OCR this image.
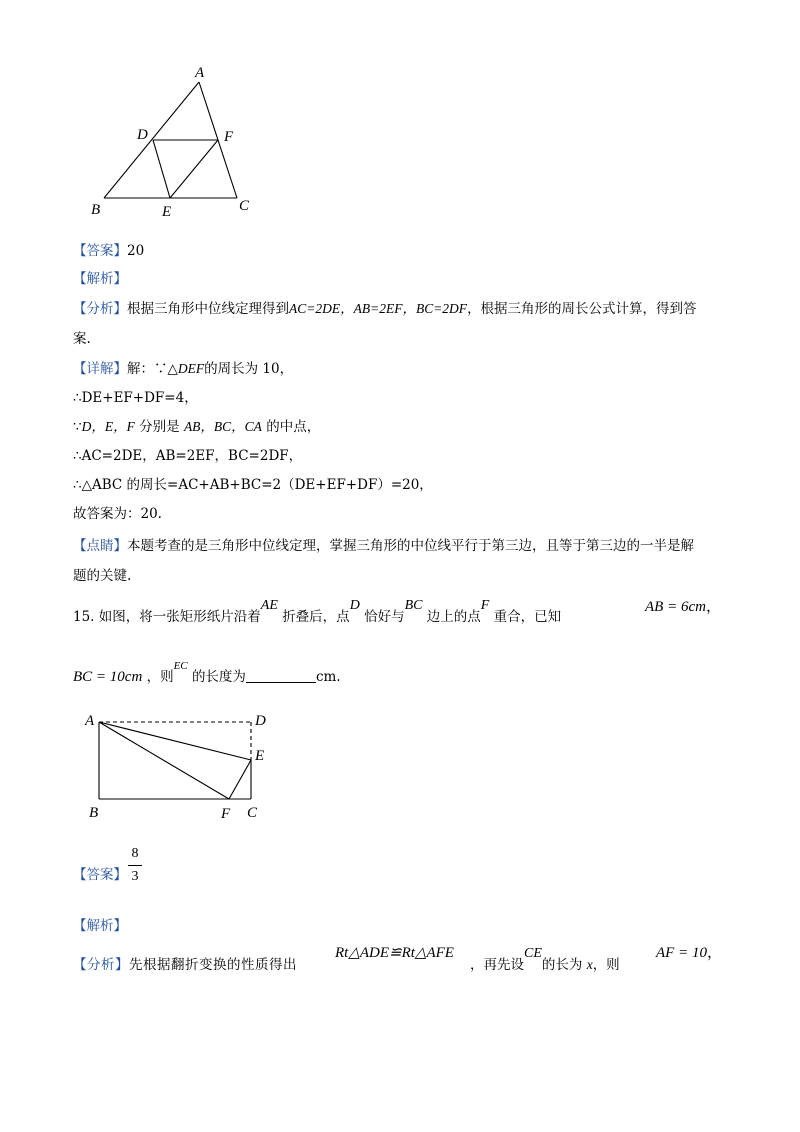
A
D	F
B	E	C
【答案】20
【解析】
【分析】根据三角形中位线定理得到AC=2DE，AB=2EF，BC=2DF，根据三角形的周长公式计算，得到答
案.
【详解】解：∵△DEF的周长为 10，
∴DE+EF+DF=4，
∵D，E，F 分别是 AB，BC，CA 的中点，
∴AC=2DE，AB=2EF，BC=2DF，
∴△ABC 的周长=AC+AB+BC=2（DE+EF+DF）=20，
故答案为：20.
【点睛】本题考查的是三角形中位线定理，掌握三角形的中位线平行于第三边，且等于第三边的一半是解
题的关键.
15. 如图，将一张矩形纸片沿着AE 折叠后，点D 恰好与BC 边上的点F 重合，已知
AB = 6cm，
BC = 10cm ，则$^{EC}$ 的长度为	cm.
A	D
E
B	F C
【答案】
8
3
【解析】
【分析】先根据翻折变换的性质得出
Rt△ADE≌Rt△AFE
，再先设CE的长为 x，则
AF = 10，
